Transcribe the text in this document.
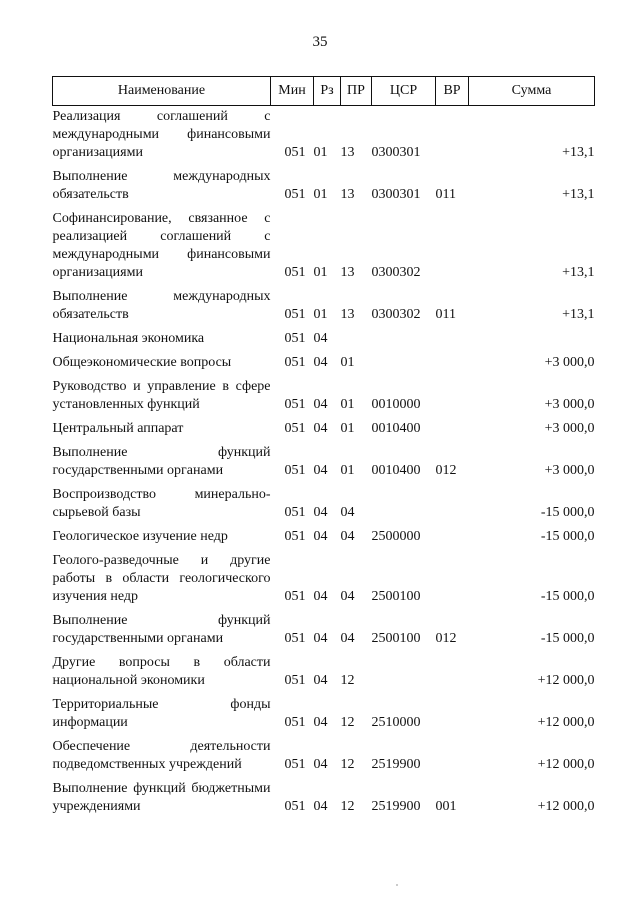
35
Наименование	Мин	Рз	ПР	ЦСР	ВР	Сумма
Реализация соглашений с международными финансовыми организациями	051	01	13	0300301		+13,1
Выполнение международных обязательств	051	01	13	0300301	011	+13,1
Софинансирование, связанное с реализацией соглашений с международными финансовыми организациями	051	01	13	0300302		+13,1
Выполнение международных обязательств	051	01	13	0300302	011	+13,1
Национальная экономика	051	04				
Общеэкономические вопросы	051	04	01			+3 000,0
Руководство и управление в сфере установленных функций	051	04	01	0010000		+3 000,0
Центральный аппарат	051	04	01	0010400		+3 000,0
Выполнение функций государственными органами	051	04	01	0010400	012	+3 000,0
Воспроизводство минерально-сырьевой базы	051	04	04			-15 000,0
Геологическое изучение недр	051	04	04	2500000		-15 000,0
Геолого-разведочные и другие работы в области геологического изучения недр	051	04	04	2500100		-15 000,0
Выполнение функций государственными органами	051	04	04	2500100	012	-15 000,0
Другие вопросы в области национальной экономики	051	04	12			+12 000,0
Территориальные фонды информации	051	04	12	2510000		+12 000,0
Обеспечение деятельности подведомственных учреждений	051	04	12	2519900		+12 000,0
Выполнение функций бюджетными учреждениями	051	04	12	2519900	001	+12 000,0
